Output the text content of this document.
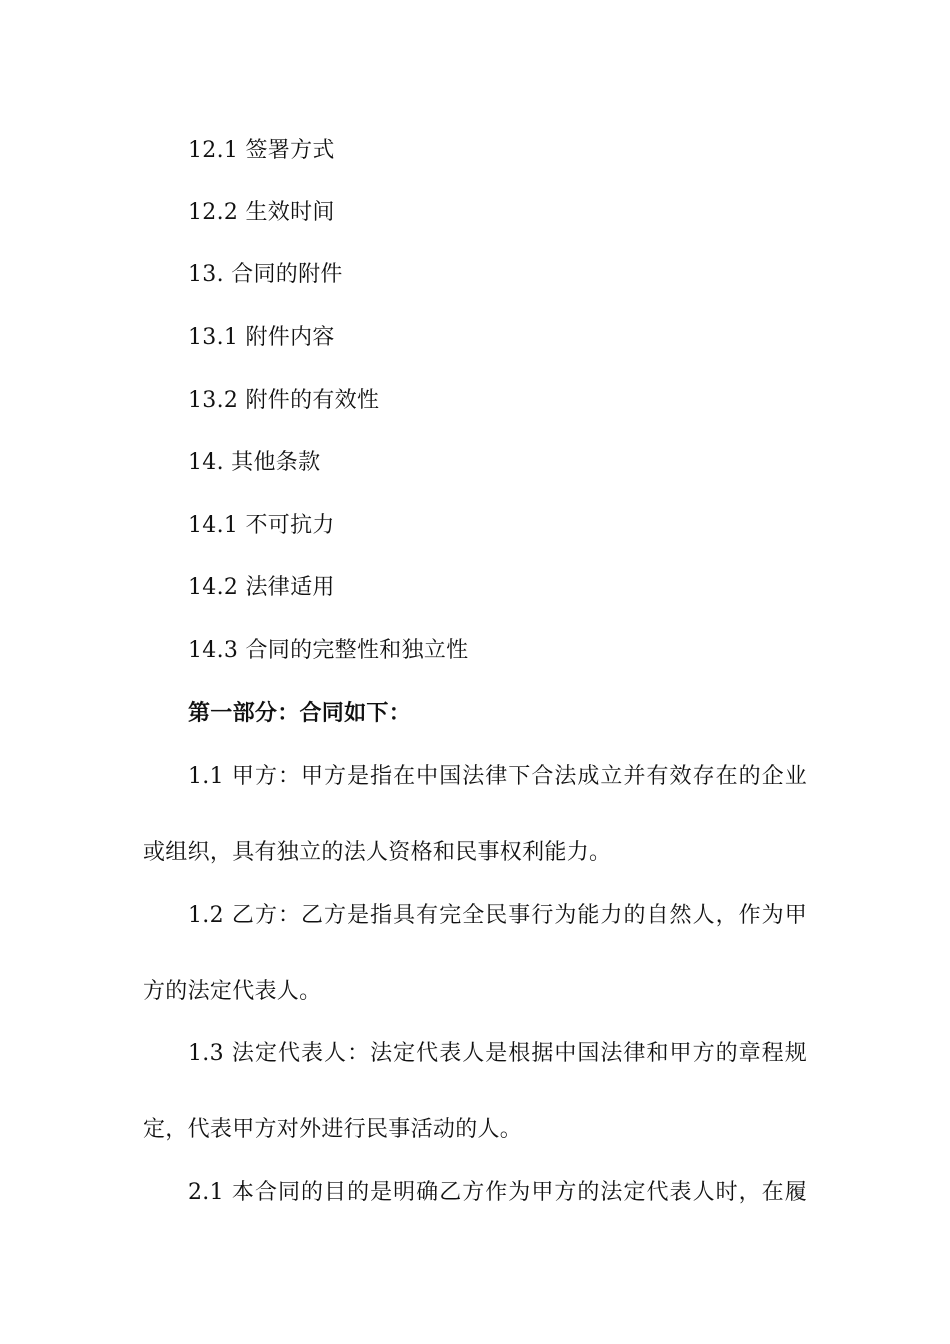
12.1 签署方式
12.2 生效时间
13. 合同的附件
13.1 附件内容
13.2 附件的有效性
14. 其他条款
14.1 不可抗力
14.2 法律适用
14.3 合同的完整性和独立性
第一部分：合同如下：
1.1 甲方：甲方是指在中国法律下合法成立并有效存在的企业
或组织，具有独立的法人资格和民事权利能力。
1.2 乙方：乙方是指具有完全民事行为能力的自然人，作为甲
方的法定代表人。
1.3 法定代表人：法定代表人是根据中国法律和甲方的章程规
定，代表甲方对外进行民事活动的人。
2.1 本合同的目的是明确乙方作为甲方的法定代表人时，在履
